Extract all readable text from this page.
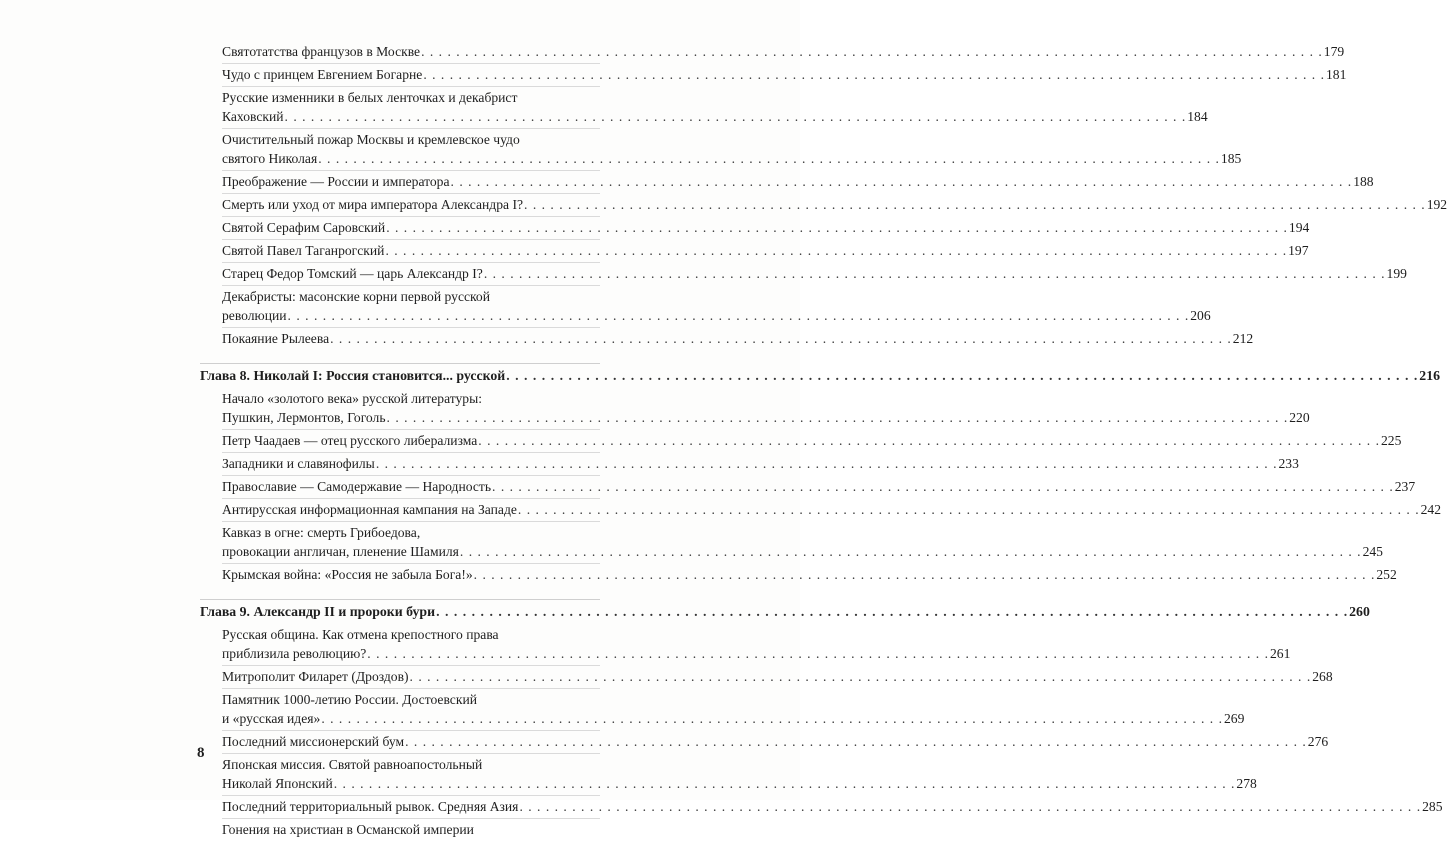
Святотатства французов в Москве . . .	179
Чудо с принцем Евгением Богарне . . .	181
Русские изменники в белых ленточках и декабрист
Каховский . . .	184
Очистительный пожар Москвы и кремлевское чудо
святого Николая . . .	185
Преображение — России и императора . . .	188
Смерть или уход от мира императора Александра I? . . .	192
Святой Серафим Саровский . . .	194
Святой Павел Таганрогский . . .	197
Старец Федор Томский — царь Александр I? . . .	199
Декабристы: масонские корни первой русской
революции . . .	206
Покаяние Рылеева . . .	212
Глава 8. Николай I: Россия становится... русской . . .	216
Начало «золотого века» русской литературы:
Пушкин, Лермонтов, Гоголь . . .	220
Петр Чаадаев — отец русского либерализма . . .	225
Западники и славянофилы . . .	233
Православие — Самодержавие — Народность . . .	237
Антирусская информационная кампания на Западе . . .	242
Кавказ в огне: смерть Грибоедова,
провокации англичан, пленение Шамиля . . .	245
Крымская война: «Россия не забыла Бога!» . . .	252
Глава 9. Александр II и пророки бури . . .	260
Русская община. Как отмена крепостного права
приблизила революцию? . . .	261
Митрополит Филарет (Дроздов) . . .	268
Памятник 1000-летию России. Достоевский
и «русская идея» . . .	269
Последний миссионерский бум . . .	276
Японская миссия. Святой равноапостольный
Николай Японский . . .	278
Последний территориальный рывок. Средняя Азия . . .	285
Гонения на христиан в Османской империи
8
